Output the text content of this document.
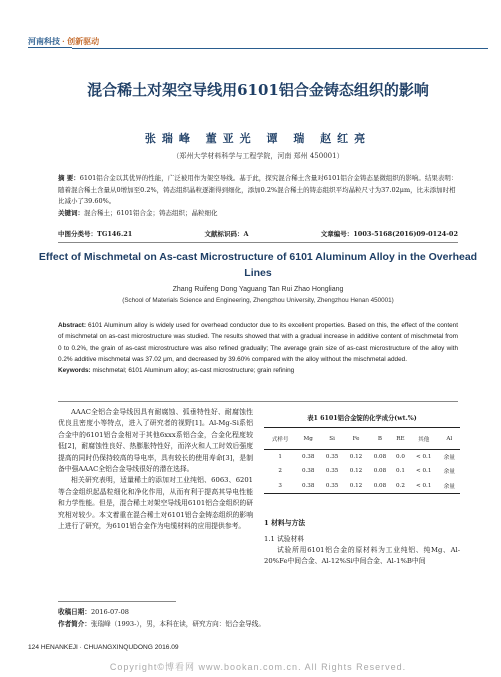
河南科技 · 创新驱动
混合稀土对架空导线用6101铝合金铸态组织的影响
张瑞峰 董亚光 谭 瑞 赵红亮
（郑州大学材料科学与工程学院，河南 郑州 450001）
摘 要：6101铝合金以其优异的性能，广泛被用作为架空导线。基于此，探究混合稀土含量对6101铝合金铸态显微组织的影响。结果表明：随着混合稀土含量从0增加至0.2%，铸态组织晶粒逐渐得到细化，添加0.2%混合稀土的铸态组织平均晶粒尺寸为37.02μm，比未添加时相比减小了39.60%。
关键词：混合稀土；6101铝合金；铸态组织；晶粒细化
中图分类号：TG146.21	文献标识码：A	文章编号：1003-5168(2016)09-0124-02
Effect of Mischmetal on As-cast Microstructure of 6101 Aluminum Alloy in the Overhead Lines
Zhang Ruifeng Dong Yaguang Tan Rui Zhao Hongliang
(School of Materials Science and Engineering, Zhengzhou University, Zhengzhou Henan 450001)
Abstract: 6101 Aluminum alloy is widely used for overhead conductor due to its excellent properties. Based on this, the effect of the content of mischmetal on as-cast microstructure was studied. The results showed that with a gradual increase in additive content of mischmetal from 0 to 0.2%, the grain of as-cast microstructure was also refined gradually; The average grain size of as-cast microstructure of the alloy with 0.2% additive mischmetal was 37.02 μm, and decreased by 39.60% compared with the alloy without the mischmetal added.
Keywords: mischmetal; 6101 Aluminum alloy; as-cast microstructure; grain refining

AAAC全铝合金导线因具有耐腐蚀、弧垂特性好、耐腐蚀性优良且密度小等特点，进入了研究者的视野[1]。Al-Mg-Si系铝合金中的6101铝合金相对于其他6xxx系铝合金，合金化程度较低[2]，耐腐蚀性良好、热膨胀特性好，而淬火和人工时效后强度提高的同时仍保持较高的导电率，具有较长的使用寿命[3]，是制备中强AAAC全铝合金导线很好的潜在选择。

相关研究表明，适量稀土的添加对工业纯铝、6063、6201等合金组织起晶粒细化和净化作用，从而有利于提高其导电性能和力学性能。但是，混合稀土对架空导线用6101铝合金组织的研究相对较少。本文着重在混合稀土对6101铝合金铸态组织的影响上进行了研究，为6101铝合金作为电缆材料的应用提供参考。

表1 6101铝合金锭的化学成分(wt.%)
式样号	Mg	Si	Fe	B	RE	其他	Al
1	0.38	0.35	0.12	0.08	0.0	< 0.1	余量
2	0.38	0.35	0.12	0.08	0.1	< 0.1	余量
3	0.38	0.35	0.12	0.08	0.2	< 0.1	余量
1 材料与方法
1.1 试验材料
试验所用6101铝合金的原材料为工业纯铝、纯Mg、Al-20%Fe中间合金、Al-12%Si中间合金、Al-1%B中间
收稿日期：2016-07-08
作者简介：张瑞峰（1993-），男，本科在读，研究方向：铝合金导线。
124 HENANKEJI · CHUANGXINQUDONG 2016.09
Copyright©博看网 www.bookan.com.cn. All Rights Reserved.
